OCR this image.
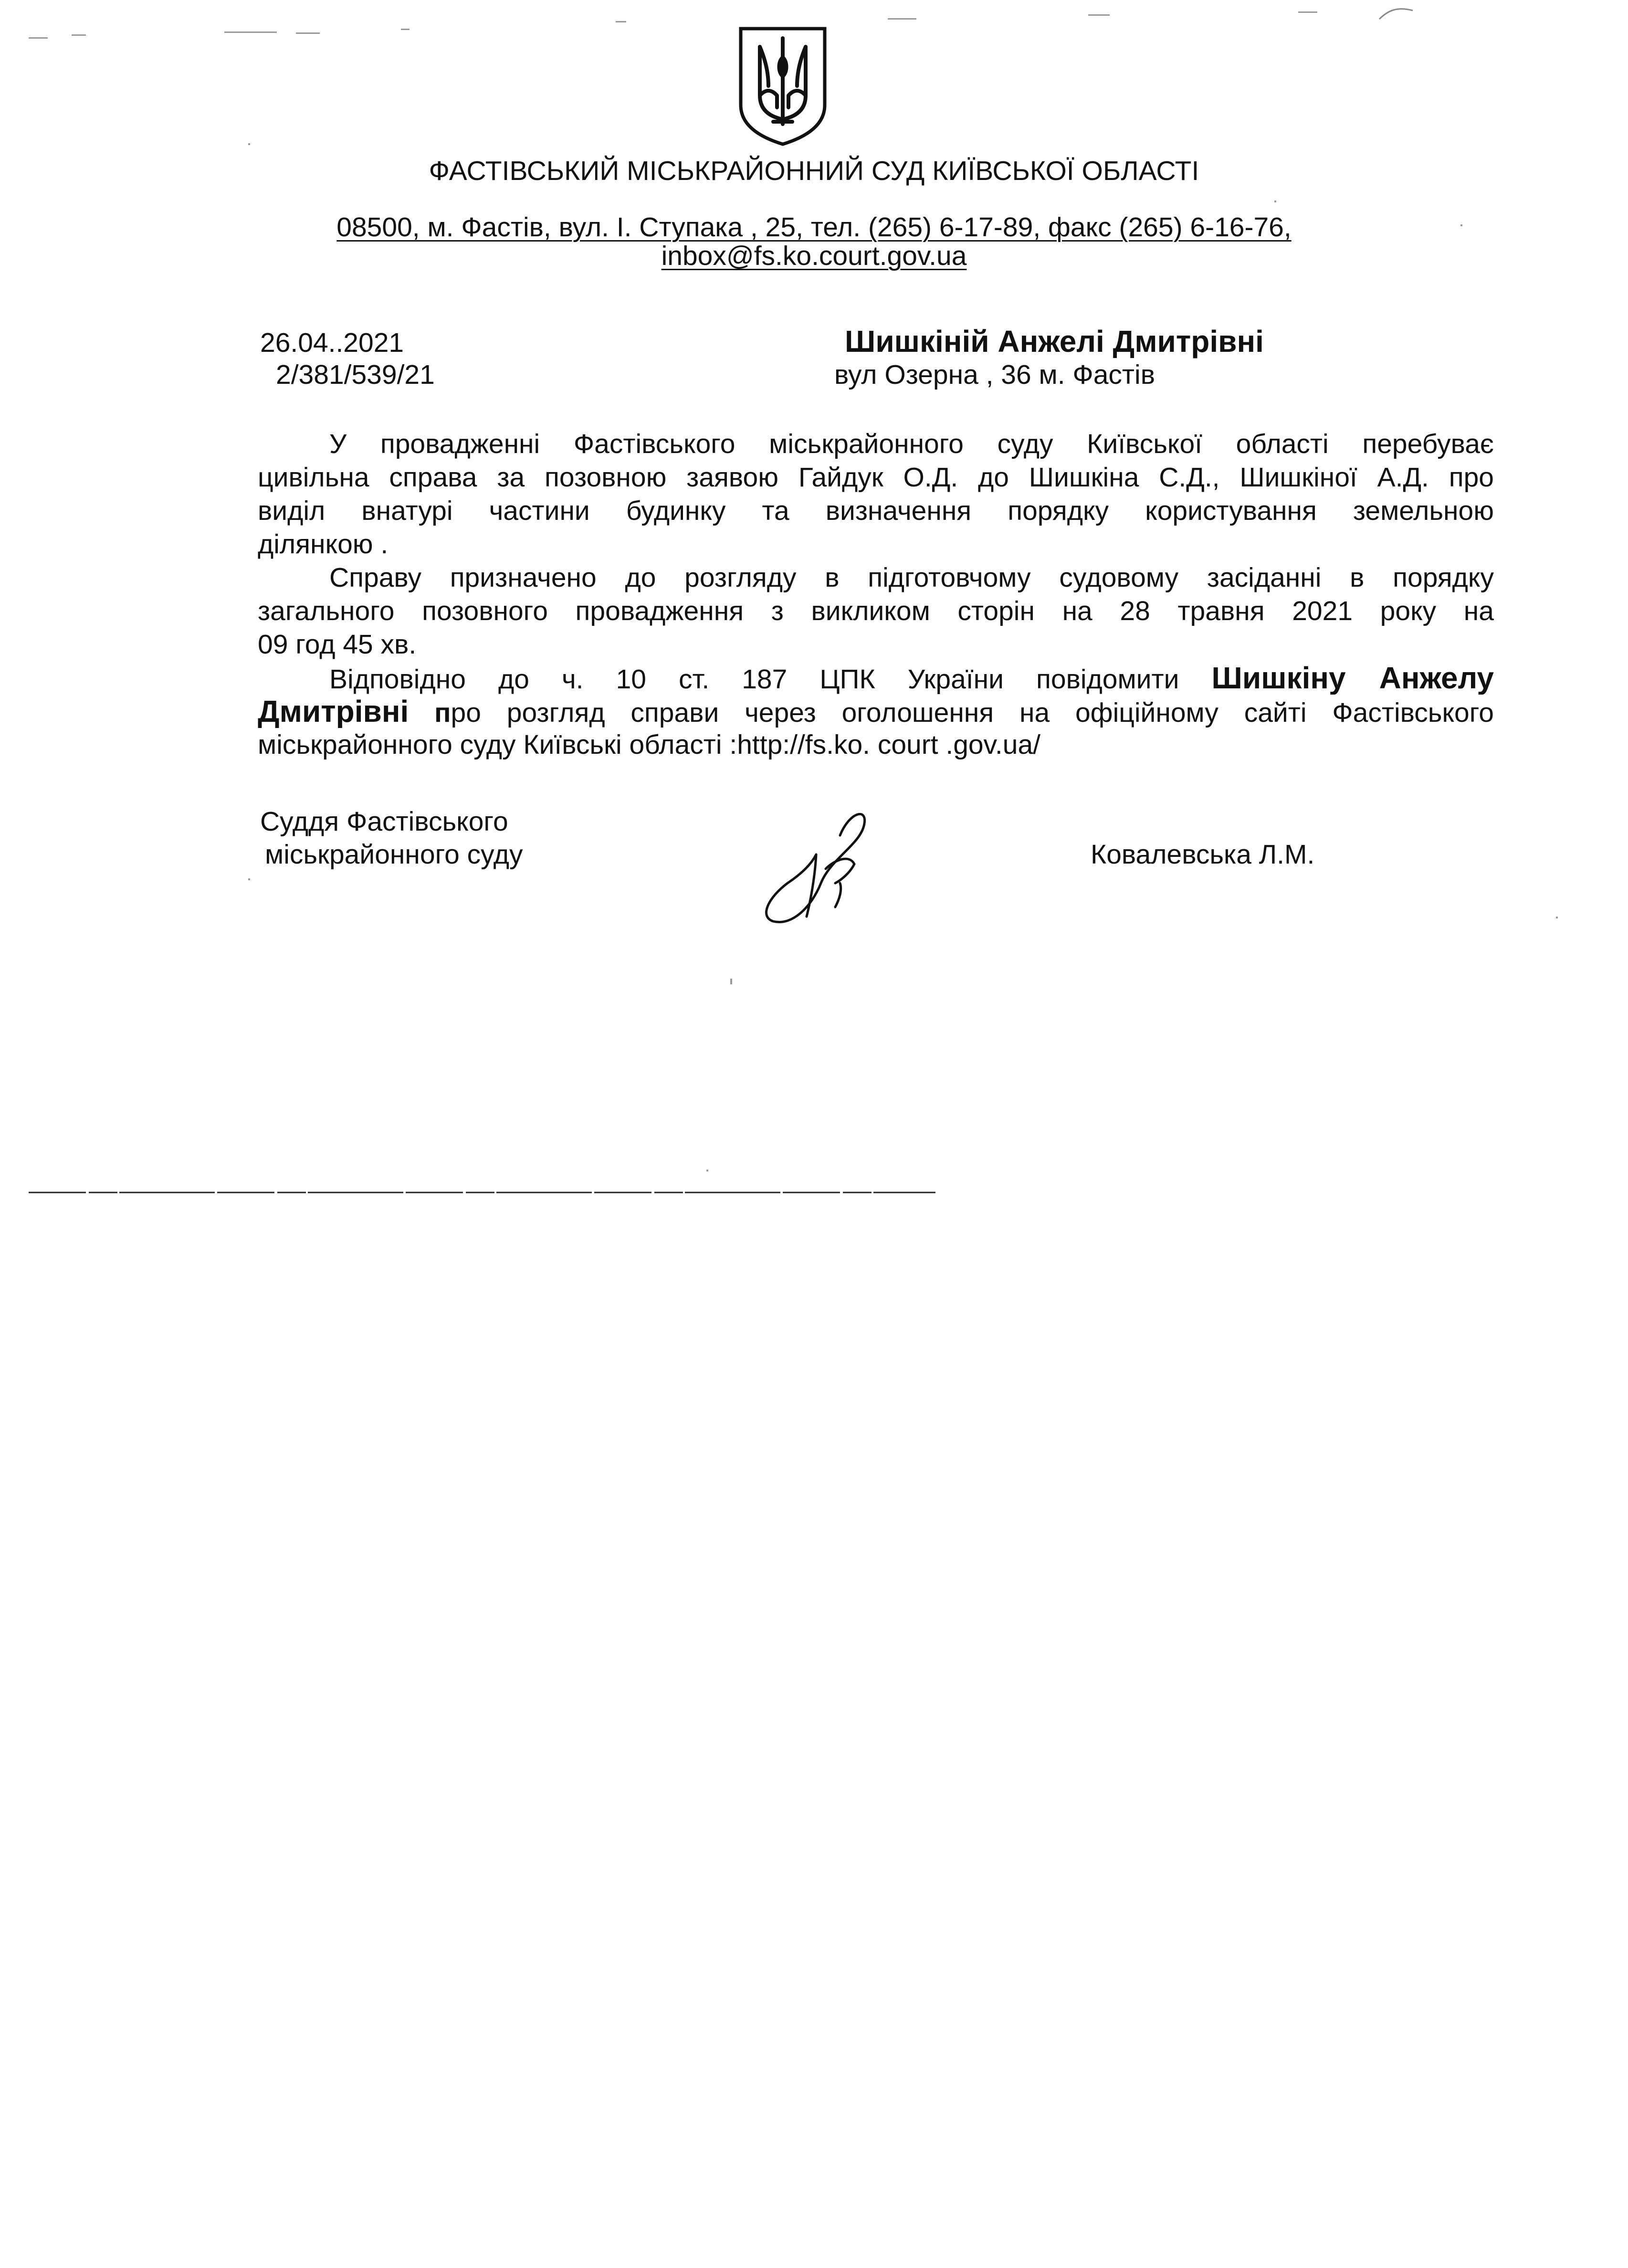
ФАСТІВСЬКИЙ МІСЬКРАЙОННИЙ СУД КИЇВСЬКОЇ ОБЛАСТІ
08500, м. Фастів, вул. І. Ступака , 25, тел. (265) 6-17-89, факс (265) 6-16-76,
inbox@fs.ko.court.gov.ua
26.04..2021
2/381/539/21
Шишкіній Анжелі Дмитрівні
вул Озерна , 36 м. Фастів
У провадженні Фастівського міськрайонного суду Київської області перебуває
цивільна справа за позовною заявою Гайдук О.Д. до Шишкіна С.Д., Шишкіної А.Д. про
виділ внатурі частини будинку та визначення порядку користування земельною
ділянкою .
Справу призначено до розгляду в підготовчому судовому засіданні в порядку
загального позовного провадження з викликом сторін на 28 травня 2021 року на
09 год 45 хв.
Відповідно до ч. 10 ст. 187 ЦПК України повідомити Шишкіну Анжелу
Дмитрівні про розгляд справи через оголошення на офіційному сайті Фастівського
міськрайонного суду Київські області :http://fs.ko. court .gov.ua/
Суддя Фастівського
міськрайонного суду	Ковалевська Л.М.
